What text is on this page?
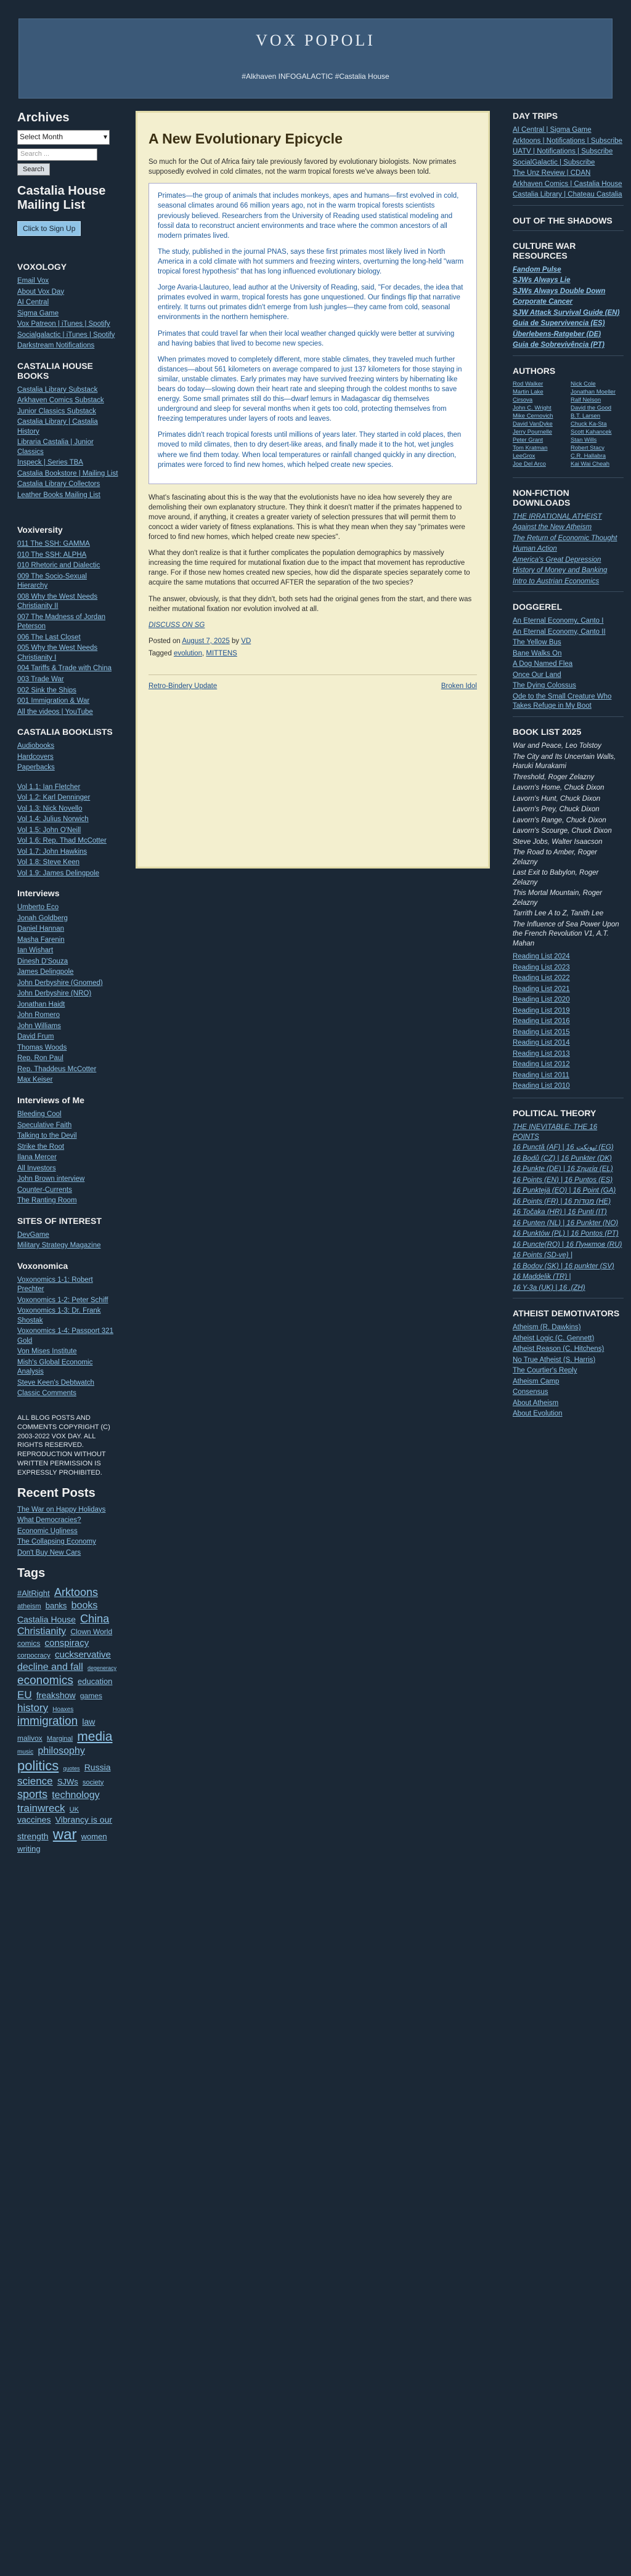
VOX POPOLI
#Alkhaven INFOGALACTIC #Castalia House
Archives
Select Month	▾
Search ...
Search
Castalia House Mailing List
Click to Sign Up
VOXOLOGY
Email Vox
About Vox Day
AI Central
Sigma Game
Vox Patreon | iTunes | Spotify
Socialgalactic | iTunes | Spotify
Darkstream Notifications
CASTALIA HOUSE BOOKS
Castalia Library Substack
Arkhaven Comics Substack
Junior Classics Substack
Castalia Library | Castalia History
Libraria Castalia | Junior Classics
Inspeck | Series TBA
Castalia Bookstore | Mailing List
Castalia Library Collectors
Leather Books Mailing List
Voxiversity
011 The SSH: GAMMA
010 The SSH: ALPHA
010 Rhetoric and Dialectic
009 The Socio-Sexual Hierarchy
008 Why the West Needs Christianity II
007 The Madness of Jordan Peterson
006 The Last Closet
005 Why the West Needs Christianity I
004 Tariffs & Trade with China
003 Trade War
002 Sink the Ships
001 Immigration & War
All the videos | YouTube
CASTALIA BOOKLISTS
Audiobooks
Hardcovers
Paperbacks
Vol 1.1: Ian Fletcher
Vol 1.2: Karl Denninger
Vol 1.3: Nick Novello
Vol 1.4: Julius Norwich
Vol 1.5: John O'Neill
Vol 1.6: Rep. Thad McCotter
Vol 1.7: John Hawkins
Vol 1.8: Steve Keen
Vol 1.9: James Delingpole
Interviews
Umberto Eco
Jonah Goldberg
Daniel Hannan
Masha Farenin
Ian Wishart
Dinesh D'Souza
James Delingpole
John Derbyshire (Gnomed)
John Derbyshire (NRO)
Jonathan Haidt
John Romero
John Williams
David Frum
Thomas Woods
Rep. Ron Paul
Rep. Thaddeus McCotter
Max Keiser
Interviews of Me
Bleeding Cool
Speculative Faith
Talking to the Devil
Strike the Root
Ilana Mercer
All Investors
John Brown interview
Counter-Currents
The Ranting Room
SITES OF INTEREST
DevGame
Military Strategy Magazine
Voxonomica
Voxonomics 1-1: Robert Prechter
Voxonomics 1-2: Peter Schiff
Voxonomics 1-3: Dr. Frank Shostak
Voxonomics 1-4: Passport 321 Gold
Von Mises Institute
Mish's Global Economic Analysis
Steve Keen's Debtwatch
Classic Comments
ALL BLOG POSTS AND COMMENTS COPYRIGHT (C) 2003-2022 VOX DAY. ALL RIGHTS RESERVED. REPRODUCTION WITHOUT WRITTEN PERMISSION IS EXPRESSLY PROHIBITED.
Recent Posts
The War on Happy Holidays
What Democracies?
Economic Ugliness
The Collapsing Economy
Don't Buy New Cars
Tags
#AltRight Arktoons atheism banks books Castalia House China Christianity Clown World comics conspiracy corpocracy cuckservative decline and fall degeneracy economics education EU freakshow games history Hoaxes immigration law malivox Marginal media music philosophy politics quotes Russia science SJWs society sports technology trainwreck UK vaccines Vibrancy is our strength war women writing
A New Evolutionary Epicycle

So much for the Out of Africa fairy tale previously favored by evolutionary biologists. Now primates supposedly evolved in cold climates, not the warm tropical forests we've always been told.

Primates—the group of animals that includes monkeys, apes and humans—first evolved in cold, seasonal climates around 66 million years ago, not in the warm tropical forests scientists previously believed. Researchers from the University of Reading used statistical modeling and fossil data to reconstruct ancient environments and trace where the common ancestors of all modern primates lived.

The study, published in the journal PNAS, says these first primates most likely lived in North America in a cold climate with hot summers and freezing winters, overturning the long-held "warm tropical forest hypothesis" that has long influenced evolutionary biology.

Jorge Avaria-Llautureo, lead author at the University of Reading, said, "For decades, the idea that primates evolved in warm, tropical forests has gone unquestioned. Our findings flip that narrative entirely. It turns out primates didn't emerge from lush jungles—they came from cold, seasonal environments in the northern hemisphere.

Primates that could travel far when their local weather changed quickly were better at surviving and having babies that lived to become new species.

When primates moved to completely different, more stable climates, they traveled much further distances—about 561 kilometers on average compared to just 137 kilometers for those staying in similar, unstable climates. Early primates may have survived freezing winters by hibernating like bears do today—slowing down their heart rate and sleeping through the coldest months to save energy. Some small primates still do this—dwarf lemurs in Madagascar dig themselves underground and sleep for several months when it gets too cold, protecting themselves from freezing temperatures under layers of roots and leaves.

Primates didn't reach tropical forests until millions of years later. They started in cold places, then moved to mild climates, then to dry desert-like areas, and finally made it to the hot, wet jungles where we find them today. When local temperatures or rainfall changed quickly in any direction, primates were forced to find new homes, which helped create new species.

What's fascinating about this is the way that the evolutionists have no idea how severely they are demolishing their own explanatory structure. They think it doesn't matter if the primates happened to move around, if anything, it creates a greater variety of selection pressures that will permit them to concoct a wider variety of fitness explanations. This is what they mean when they say "primates were forced to find new homes, which helped create new species".

What they don't realize is that it further complicates the population demographics by massively increasing the time required for mutational fixation due to the impact that movement has reproductive range. For if those new homes created new species, how did the disparate species separately come to acquire the same mutations that occurred AFTER the separation of the two species?

The answer, obviously, is that they didn't, both sets had the original genes from the start, and there was neither mutational fixation nor evolution involved at all.

DISCUSS ON SG

Posted on August 7, 2025 by VD
Tagged evolution, MITTENS
Retro-Bindery Update	Broken Idol
DAY TRIPS
AI Central | Sigma Game
Arktoons | Notifications | Subscribe
UATV | Notifications | Subscribe
SocialGalactic | Subscribe
The Unz Review | CDAN
Arkhaven Comics | Castalia House
Castalia Library | Chateau Castalia
OUT OF THE SHADOWS
CULTURE WAR RESOURCES
Fandom Pulse
SJWs Always Lie
SJWs Always Double Down
Corporate Cancer
SJW Attack Survival Guide (EN)
Guia de Supervivencia (ES)
Überlebens-Ratgeber (DE)
Guia de Sobrevivência (PT)
AUTHORS
Rod Walker	Nick Cole
Martin Lake	Jonathan Moeller
Cirsova	Ralf Nelson
John C. Wright	David the Good
Mike Cernovich	B.T. Larsen
David VanDyke	Chuck Ka-Sta
Jerry Pournelle	Scott Kahancek
Peter Grant	Stan Wills
Tom Kratman	Robert Stacy
LeeGrox	C.R. Hallabra
Joe Del Arco	Kai Wai Cheah
NON-FICTION DOWNLOADS
THE IRRATIONAL ATHEIST
Against the New Atheism
The Return of Economic Thought
Human Action
America's Great Depression
History of Money and Banking
Intro to Austrian Economics
DOGGEREL
An Eternal Economy, Canto I
An Eternal Economy, Canto II
The Yellow Bus
Bane Walks On
A Dog Named Flea
Once Our Land
The Dying Colossus
Ode to the Small Creature Who Takes Refuge in My Boot
BOOK LIST 2025
War and Peace, Leo Tolstoy
The City and Its Uncertain Walls, Haruki Murakami
Threshold, Roger Zelazny
Lavorn's Home, Chuck Dixon
Lavorn's Hunt, Chuck Dixon
Lavorn's Prey, Chuck Dixon
Lavorn's Range, Chuck Dixon
Lavorn's Scourge, Chuck Dixon
Steve Jobs, Walter Isaacson
The Road to Amber, Roger Zelazny
Last Exit to Babylon, Roger Zelazny
This Mortal Mountain, Roger Zelazny
Tarrith Lee A to Z, Tanith Lee
The Influence of Sea Power Upon the French Revolution V1, A.T. Mahan
Reading List 2024
Reading List 2023
Reading List 2022
Reading List 2021
Reading List 2020
Reading List 2019
Reading List 2016
Reading List 2015
Reading List 2014
Reading List 2013
Reading List 2012
Reading List 2011
Reading List 2010
POLITICAL THEORY
THE INEVITABLE: THE 16 POINTS
16 Punctă (AF) | 16 ئپونكت (EG)
16 Bodů (CZ) | 16 Punkter (DK)
16 Punkte (DE) | 16 Σημεία (EL)
16 Points (EN) | 16 Puntos (ES)
16 Punktejä (EO) | 16 Point (GA)
16 Points (FR) | מְּנוּדוֹת 16 (HE)
16 Točaka (HR) | 16 Punti (IT)
16 Punten (NL) | 16 Punkter (NO)
16 Punktów (PL) | 16 Pontos (PT)
16 Puncte(RO) | 16 Пунктов (RU)
16 Points (SD-ve) |
16 Bodov (SK) | 16 punkter (SV)
16 Maddelik (TR) |
16 Y-3a (UK) | 16 .(ZH)
ATHEIST DEMOTIVATORS
Atheism (R. Dawkins)
Atheist Logic (C. Gennett)
Atheist Reason (C. Hitchens)
No True Atheist (S. Harris)
The Courtier's Reply
Atheism Camp
Consensus
About Atheism
About Evolution
